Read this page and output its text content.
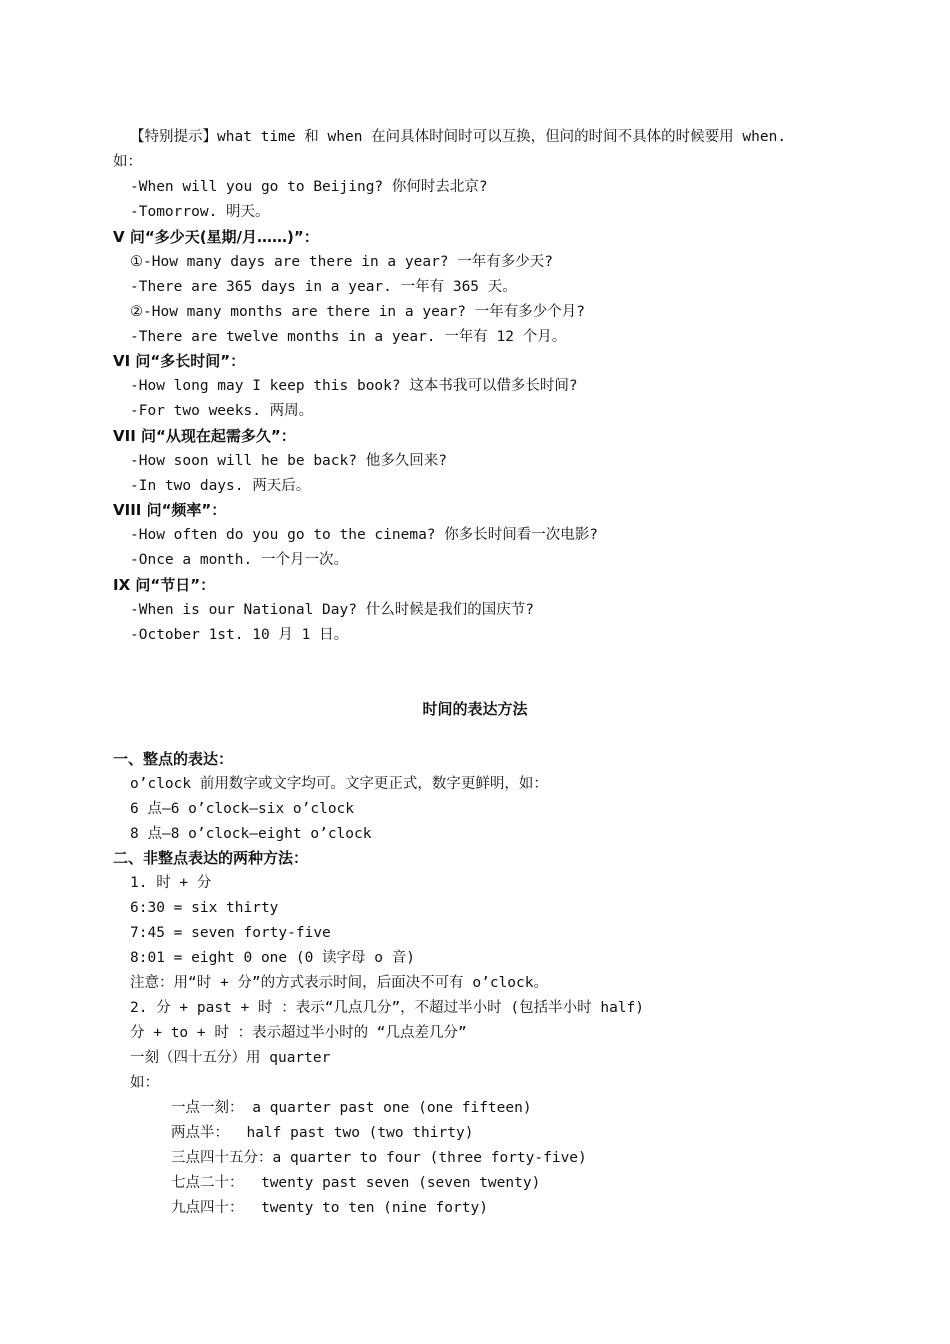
【特别提示】what time 和 when 在问具体时间时可以互换，但问的时间不具体的时候要用 when.
如：
-When will you go to Beijing? 你何时去北京?
-Tomorrow. 明天。
V 问“多少天(星期/月……)”：
①-How many days are there in a year? 一年有多少天?
-There are 365 days in a year. 一年有 365 天。
②-How many months are there in a year? 一年有多少个月?
-There are twelve months in a year. 一年有 12 个月。
VI 问“多长时间”：
-How long may I keep this book? 这本书我可以借多长时间?
-For two weeks. 两周。
VII 问“从现在起需多久”：
-How soon will he be back? 他多久回来?
-In two days. 两天后。
VIII 问“频率”：
-How often do you go to the cinema? 你多长时间看一次电影?
-Once a month. 一个月一次。
IX 问“节日”：
-When is our National Day? 什么时候是我们的国庆节?
-October 1st. 10 月 1 日。
时间的表达方法
一、整点的表达：
o’clock 前用数字或文字均可。文字更正式，数字更鲜明，如：
6 点—6 o’clock—six o’clock
8 点—8 o’clock—eight o’clock
二、非整点表达的两种方法：
1. 时 + 分
6:30 = six thirty
7:45 = seven forty-five
8:01 = eight 0 one (0 读字母 o 音)
注意：用“时 + 分”的方式表示时间，后面决不可有 o’clock。
2. 分 + past + 时 ：表示“几点几分”，不超过半小时 (包括半小时 half)
分 + to + 时 ：表示超过半小时的 “几点差几分”
一刻（四十五分）用 quarter
如：
一点一刻： a quarter past one (one fifteen)
两点半：  half past two (two thirty)
三点四十五分：a quarter to four (three forty-five)
七点二十：  twenty past seven (seven twenty)
九点四十：  twenty to ten (nine forty)
